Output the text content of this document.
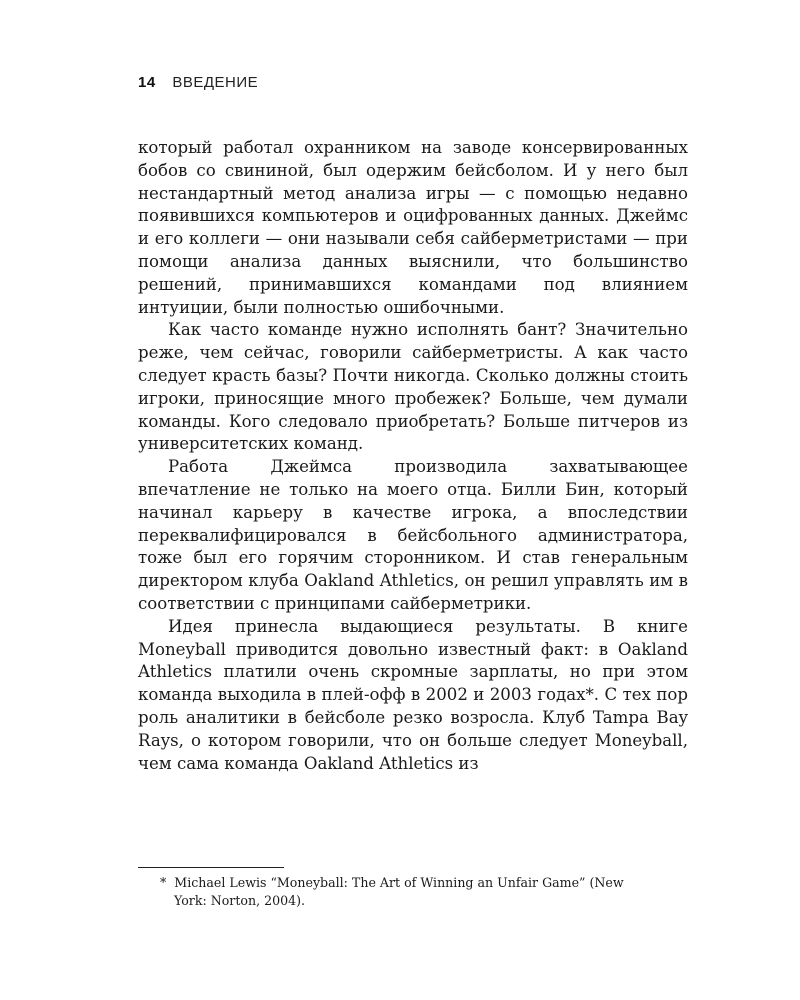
14 ВВЕДЕНИЕ

который работал охранником на заводе консервированных бобов со свининой, был одержим бейсболом. И у него был нестандартный метод анализа игры — с помощью недавно появившихся компьютеров и оцифрованных данных. Джеймс и его коллеги — они называли себя сайберметристами — при помощи анализа данных выяснили, что большинство решений, принимавшихся командами под влиянием интуиции, были полностью ошибочными.

Как часто команде нужно исполнять бант? Значительно реже, чем сейчас, говорили сайберметристы. А как часто следует красть базы? Почти никогда. Сколько должны стоить игроки, приносящие много пробежек? Больше, чем думали команды. Кого следовало приобретать? Больше питчеров из университетских команд.

Работа Джеймса производила захватывающее впечатление не только на моего отца. Билли Бин, который начинал карьеру в качестве игрока, а впоследствии переквалифицировался в бейсбольного администратора, тоже был его горячим сторонником. И став генеральным директором клуба Oakland Athletics, он решил управлять им в соответствии с принципами сайберметрики.

Идея принесла выдающиеся результаты. В книге Moneyball приводится довольно известный факт: в Oakland Athletics платили очень скромные зарплаты, но при этом команда выходила в плей-офф в 2002 и 2003 годах*. С тех пор роль аналитики в бейсболе резко возросла. Клуб Tampa Bay Rays, о котором говорили, что он больше следует Moneyball, чем сама команда Oakland Athletics из

* Michael Lewis “Moneyball: The Art of Winning an Unfair Game” (New
York: Norton, 2004).
